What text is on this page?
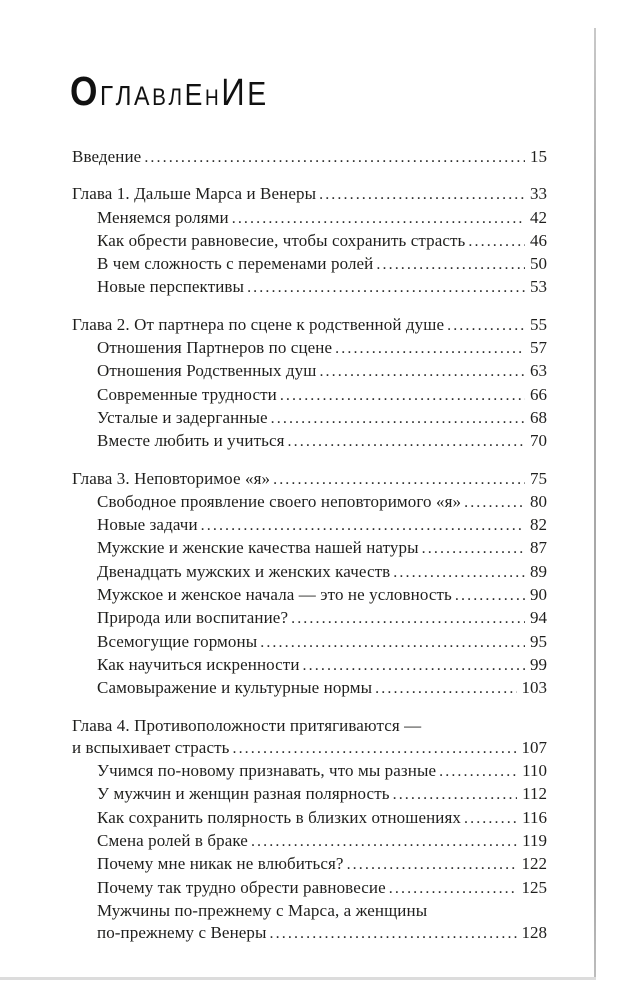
О Г Л А В Л Е Н И Е
Введение .....	15
Глава 1. Дальше Марса и Венеры .....	33
Меняемся ролями .....	42
Как обрести равновесие, чтобы сохранить страсть .....	46
В чем сложность с переменами ролей .....	50
Новые перспективы .....	53
Глава 2. От партнера по сцене к родственной душе .....	55
Отношения Партнеров по сцене .....	57
Отношения Родственных душ .....	63
Современные трудности .....	66
Усталые и задерганные .....	68
Вместе любить и учиться .....	70
Глава 3. Неповторимое «я» .....	75
Свободное проявление своего неповторимого «я» .....	80
Новые задачи .....	82
Мужские и женские качества нашей натуры .....	87
Двенадцать мужских и женских качеств .....	89
Мужское и женское начала — это не условность .....	90
Природа или воспитание? .....	94
Всемогущие гормоны .....	95
Как научиться искренности .....	99
Самовыражение и культурные нормы .....	103
Глава 4. Противоположности притягиваются —
и вспыхивает страсть .....	107
Учимся по-новому признавать, что мы разные .....	110
У мужчин и женщин разная полярность .....	112
Как сохранить полярность в близких отношениях .....	116
Смена ролей в браке .....	119
Почему мне никак не влюбиться? .....	122
Почему так трудно обрести равновесие .....	125
Мужчины по-прежнему с Марса, а женщины
по-прежнему с Венеры .....	128
